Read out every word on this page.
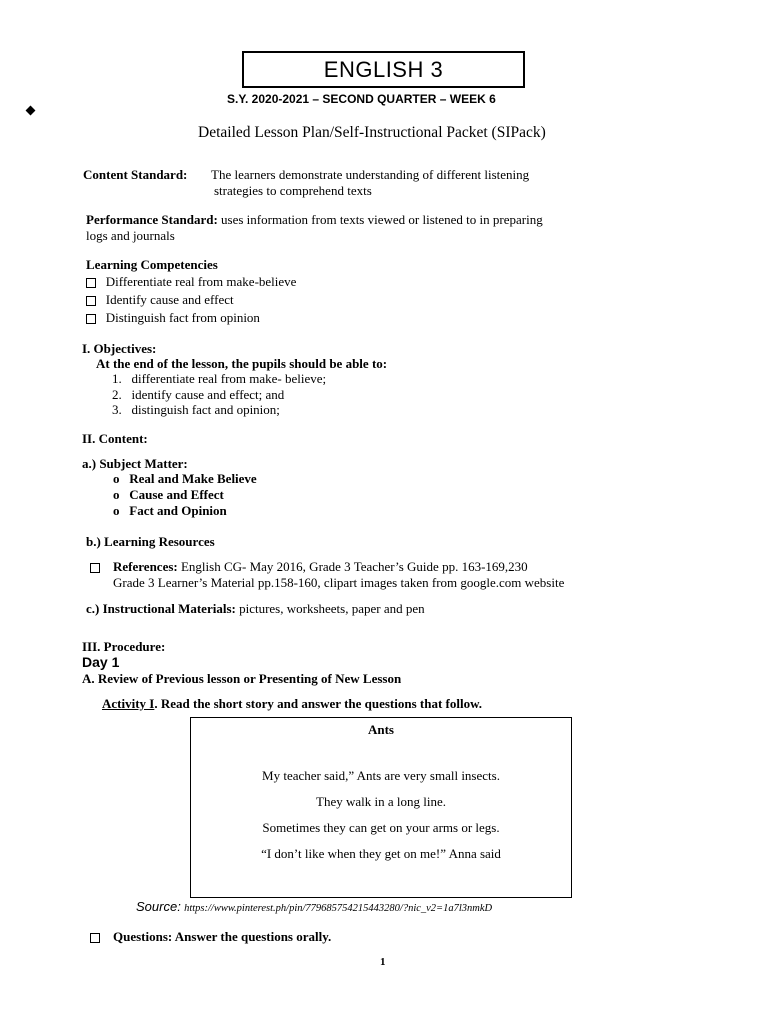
ENGLISH 3
S.Y. 2020-2021 – SECOND QUARTER – WEEK 6
Detailed Lesson Plan/Self-Instructional Packet (SIPack)
Content Standard: The learners demonstrate understanding of different listening
strategies to comprehend texts
Performance Standard: uses information from texts viewed or listened to in preparing
logs and journals
Learning Competencies
Differentiate real from make-believe
Identify cause and effect
Distinguish fact from opinion
I. Objectives:
At the end of the lesson, the pupils should be able to:
1.   differentiate real from make- believe;
2.   identify cause and effect; and
3.   distinguish fact and opinion;
II. Content:
a.) Subject Matter:
o Real and Make Believe
o Cause and Effect
o Fact and Opinion
b.) Learning Resources
References: English CG- May 2016, Grade 3 Teacher’s Guide pp. 163-169,230
Grade 3 Learner’s Material pp.158-160, clipart images taken from google.com website
c.) Instructional Materials: pictures, worksheets, paper and pen
III. Procedure:
Day 1
A. Review of Previous lesson or Presenting of New Lesson
Activity I. Read the short story and answer the questions that follow.
Ants
My teacher said,” Ants are very small insects.
They walk in a long line.
Sometimes they can get on your arms or legs.
“I don’t like when they get on me!” Anna said
Source: https://www.pinterest.ph/pin/779685754215443280/?nic_v2=1a7l3nmkD
Questions: Answer the questions orally.
1
